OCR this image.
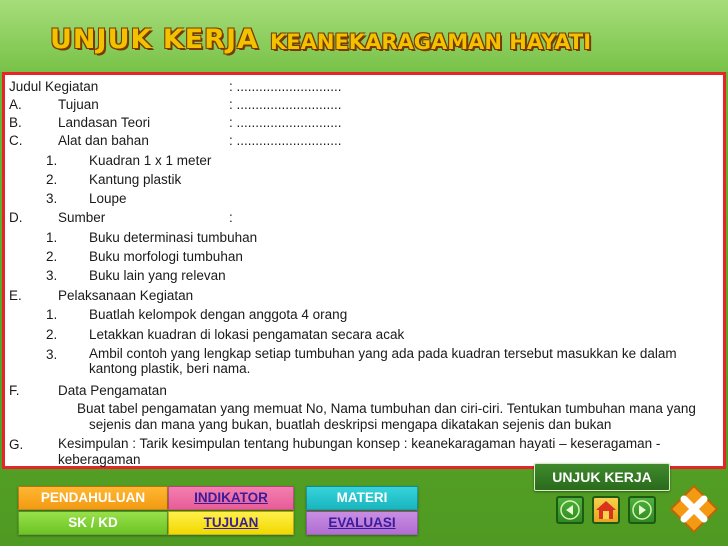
UNJUK KERJA KEANEKARAGAMAN HAYATI
Judul Kegiatan	: ............................
A.	Tujuan	: ............................
B.	Landasan Teori	: ............................
C.	Alat dan bahan	: ............................
1. Kuadran 1 x 1 meter
2. Kantung plastik
3. Loupe
D.	Sumber	:
1. Buku determinasi tumbuhan
2. Buku morfologi tumbuhan
3. Buku lain yang relevan
E.	Pelaksanaan Kegiatan
1. Buatlah kelompok dengan anggota 4 orang
2. Letakkan kuadran di lokasi pengamatan secara acak
3. Ambil contoh yang lengkap setiap tumbuhan yang ada pada kuadran tersebut masukkan ke dalam kantong plastik, beri nama.
F.	Data Pengamatan
Buat tabel pengamatan yang memuat No, Nama tumbuhan dan ciri-ciri. Tentukan tumbuhan mana yang sejenis dan mana yang bukan, buatlah deskripsi mengapa dikatakan sejenis dan bukan
G.	Kesimpulan : Tarik kesimpulan tentang hubungan konsep : keanekaragaman hayati – keseragaman - keberagaman
UNJUK KERJA
PENDAHULUAN	INDIKATOR	MATERI
SK / KD	TUJUAN	EVALUASI
